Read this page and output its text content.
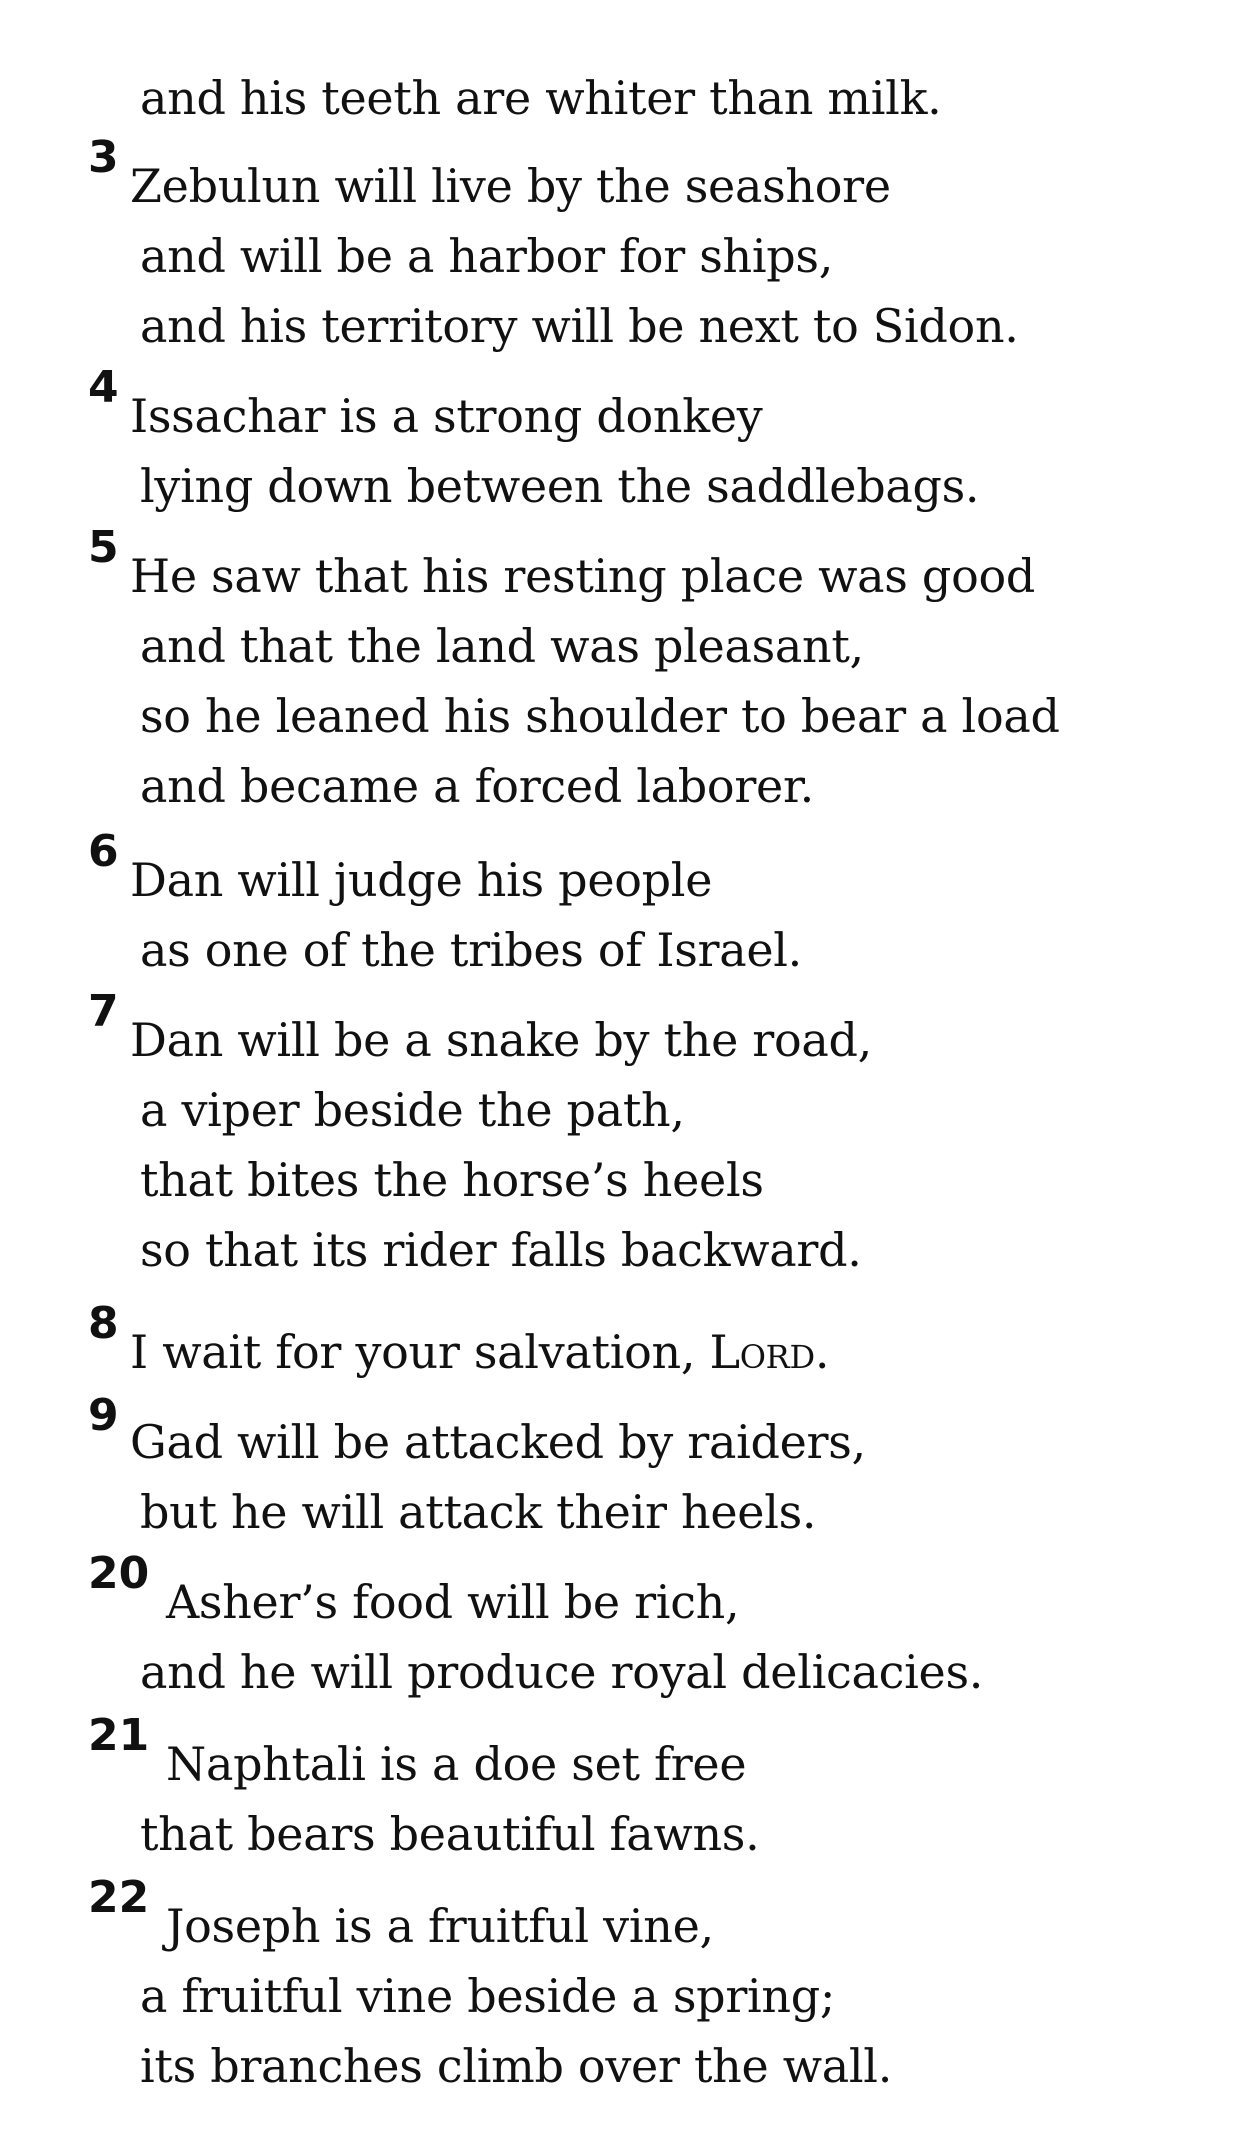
and his teeth are whiter than milk.
3
Zebulun will live by the seashore
and will be a harbor for ships,
and his territory will be next to Sidon.
4
Issachar is a strong donkey
lying down between the saddlebags.
5
He saw that his resting place was good
and that the land was pleasant,
so he leaned his shoulder to bear a load
and became a forced laborer.
6
Dan will judge his people
as one of the tribes of Israel.
7
Dan will be a snake by the road,
a viper beside the path,
that bites the horse’s heels
so that its rider falls backward.
8
I wait for your salvation, Lord.
9 Gad will be attacked by raiders,
but he will attack their heels.
20
Asher’s food will be rich,
and he will produce royal delicacies.
21
Naphtali is a doe set free
that bears beautiful fawns.
22
Joseph is a fruitful vine,
a fruitful vine beside a spring;
its branches climb over the wall.
